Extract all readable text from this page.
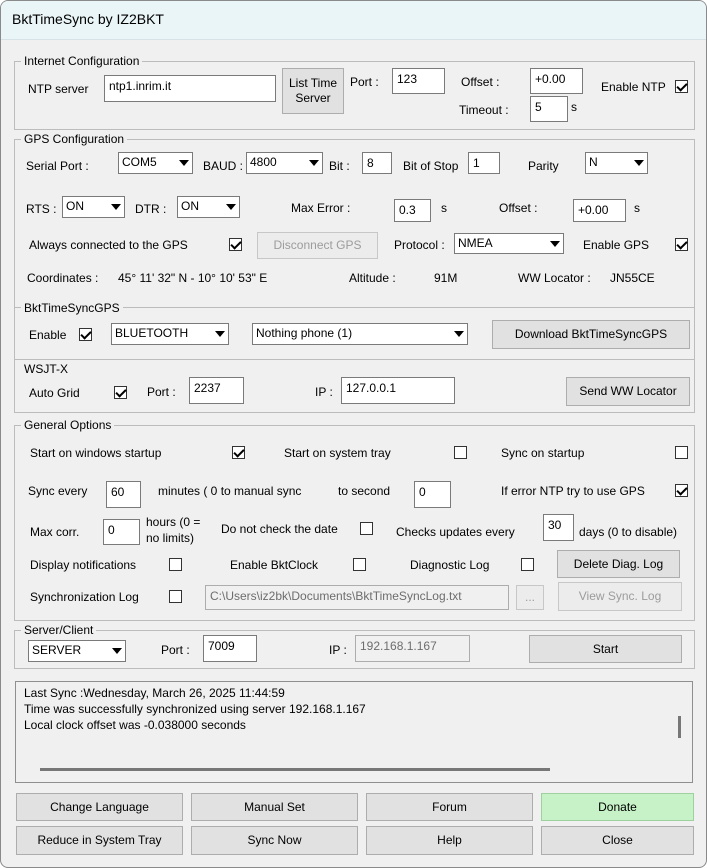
BktTimeSync by IZ2BKT
Internet Configuration
NTP server	ntp1.inrim.it	List Time Server
Port :	123	Offset :	+0.00
Timeout :	5	s
Enable NTP
GPS Configuration
Serial Port :	COM5	BAUD : 4800	Bit :	8	Bit of Stop	1	Parity	N
RTS : ON	DTR :	ON	Max Error :	0.3	s	Offset :	+0.00	s
Always connected to the GPS	Disconnect GPS	Protocol :	NMEA	Enable GPS
Coordinates : 45° 11' 32" N - 10° 10' 53" E	Altitude :	91M	WW Locator : JN55CE
BktTimeSyncGPS
Enable	BLUETOOTH	Nothing phone (1)	Download BktTimeSyncGPS
WSJT-X
Auto Grid	Port :	2237	IP :	127.0.0.1	Send WW Locator
General Options
Start on windows startup	Start on system tray	Sync on startup
Sync every	60	minutes ( 0 to manual sync	to second	0	If error NTP try to use GPS
Max corr.	0
hours (0 =
no limits)
Do not check the date	Checks updates every	30	days (0 to disable)
Display notifications	Enable BktClock	Diagnostic Log	Delete Diag. Log
Synchronization Log	C:\Users\iz2bk\Documents\BktTimeSyncLog.txt	...	View Sync. Log
Server/Client
SERVER	Port :	7009	IP :	192.168.1.167	Start
Last Sync :Wednesday, March 26, 2025 11:44:59
Time was successfully synchronized using server 192.168.1.167
Local clock offset was -0.038000 seconds
Change Language	Manual Set	Forum	Donate
Reduce in System Tray	Sync Now	Help	Close
